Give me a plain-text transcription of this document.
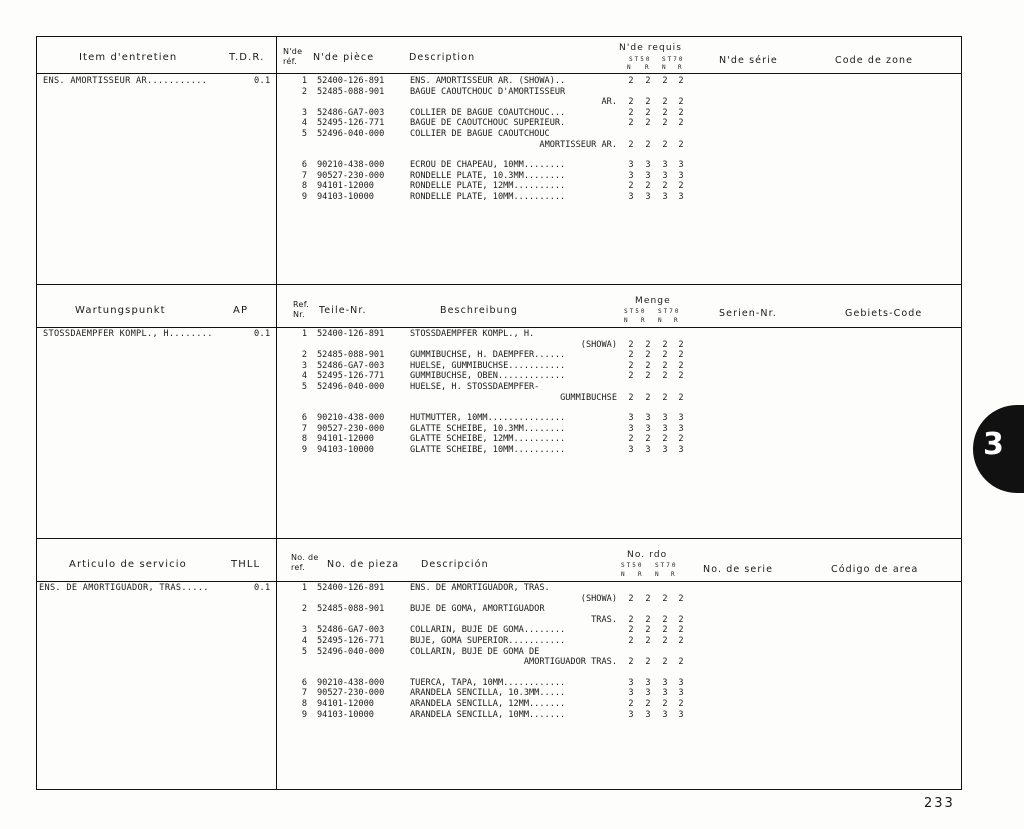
Item d'entretien	T.D.R.
N'de
réf. N'de pièce	Description
N'de requis
ST50 ST70
N R N R
N'de série	Code de zone
ENS. AMORTISSEUR AR...........	0.1	1 52400-126-891	ENS. AMORTISSEUR AR. (SHOWA)..	2 2 2 2
2 52485-088-901	BAGUE CAOUTCHOUC D'AMORTISSEUR
AR. 2 2 2 2
3 52486-GA7-003	COLLIER DE BAGUE COAUTCHOUC...	2 2 2 2
4 52495-126-771	BAGUE DE CAOUTCHOUC SUPERIEUR.	2 2 2 2
5 52496-040-000	COLLIER DE BAGUE CAOUTCHOUC
AMORTISSEUR AR. 2 2 2 2
6 90210-438-000	ECROU DE CHAPEAU, 10MM........	3 3 3 3
7 90527-230-000	RONDELLE PLATE, 10.3MM........	3 3 3 3
8 94101-12000	RONDELLE PLATE, 12MM..........	2 2 2 2
9 94103-10000	RONDELLE PLATE, 10MM..........	3 3 3 3
Wartungspunkt	AP
Ref.
Nr. Teile-Nr.	Beschreibung
Menge
ST50 ST70
N R N R
Serien-Nr.	Gebiets-Code
STOSSDAEMPFER KOMPL., H........	0.1	1 52400-126-891	STOSSDAEMPFER KOMPL., H.
(SHOWA) 2 2 2 2
2 52485-088-901	GUMMIBUCHSE, H. DAEMPFER......	2 2 2 2
3 52486-GA7-003	HUELSE, GUMMIBUCHSE...........	2 2 2 2
4 52495-126-771	GUMMIBUCHSE, OBEN.............	2 2 2 2
5 52496-040-000	HUELSE, H. STOSSDAEMPFER-
GUMMIBUCHSE 2 2 2 2
6 90210-438-000	HUTMUTTER, 10MM...............	3 3 3 3
7 90527-230-000	GLATTE SCHEIBE, 10.3MM........	3 3 3 3
8 94101-12000	GLATTE SCHEIBE, 12MM..........	2 2 2 2
9 94103-10000	GLATTE SCHEIBE, 10MM..........	3 3 3 3
Articulo de servicio	THLL
No. de
ref. No. de pieza Descripción
No. rdo
ST50 ST70
N R N R	No. de serie	Código de area
ENS. DE AMORTIGUADOR, TRAS.....	0.1	1 52400-126-891	ENS. DE AMORTIGUADOR, TRAS.
(SHOWA) 2 2 2 2
2 52485-088-901	BUJE DE GOMA, AMORTIGUADOR
TRAS. 2 2 2 2
3 52486-GA7-003	COLLARIN, BUJE DE GOMA........	2 2 2 2
4 52495-126-771	BUJE, GOMA SUPERIOR...........	2 2 2 2
5 52496-040-000	COLLARIN, BUJE DE GOMA DE
AMORTIGUADOR TRAS. 2 2 2 2
6 90210-438-000	TUERCA, TAPA, 10MM............	3 3 3 3
7 90527-230-000	ARANDELA SENCILLA, 10.3MM.....	3 3 3 3
8 94101-12000	ARANDELA SENCILLA, 12MM.......	2 2 2 2
9 94103-10000	ARANDELA SENCILLA, 10MM.......	3 3 3 3
3
233
